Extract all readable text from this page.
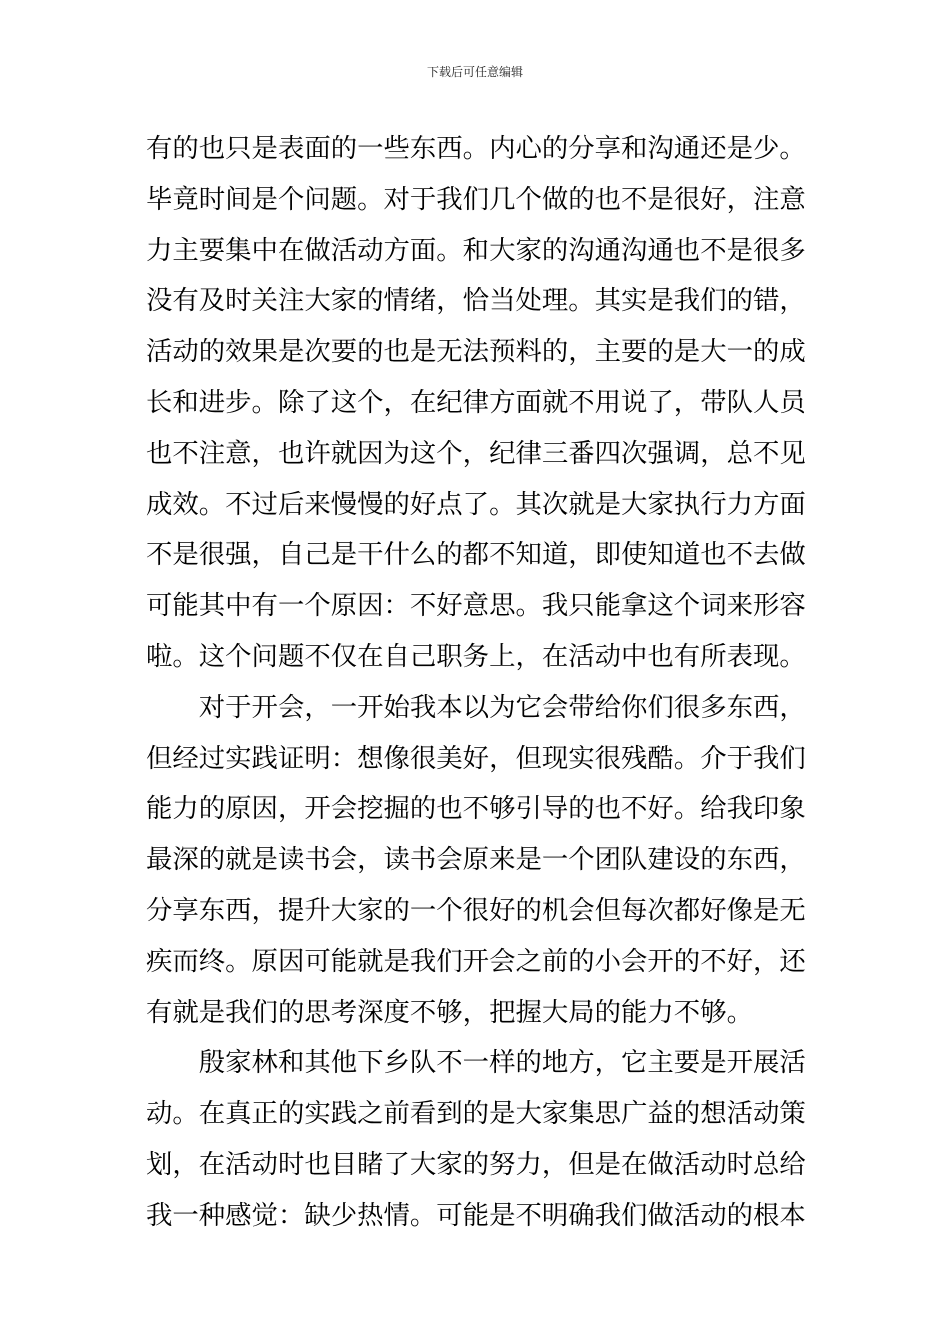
下载后可任意编辑
有的也只是表面的一些东西。内心的分享和沟通还是少。
毕竟时间是个问题。对于我们几个做的也不是很好，注意
力主要集中在做活动方面。和大家的沟通沟通也不是很多
没有及时关注大家的情绪，恰当处理。其实是我们的错，
活动的效果是次要的也是无法预料的，主要的是大一的成
长和进步。除了这个，在纪律方面就不用说了，带队人员
也不注意，也许就因为这个，纪律三番四次强调，总不见
成效。不过后来慢慢的好点了。其次就是大家执行力方面
不是很强，自己是干什么的都不知道，即使知道也不去做
可能其中有一个原因：不好意思。我只能拿这个词来形容
啦。这个问题不仅在自己职务上，在活动中也有所表现。
　　对于开会，一开始我本以为它会带给你们很多东西，
但经过实践证明：想像很美好，但现实很残酷。介于我们
能力的原因，开会挖掘的也不够引导的也不好。给我印象
最深的就是读书会，读书会原来是一个团队建设的东西，
分享东西，提升大家的一个很好的机会但每次都好像是无
疾而终。原因可能就是我们开会之前的小会开的不好，还
有就是我们的思考深度不够，把握大局的能力不够。
　　殷家林和其他下乡队不一样的地方，它主要是开展活
动。在真正的实践之前看到的是大家集思广益的想活动策
划，在活动时也目睹了大家的努力，但是在做活动时总给
我一种感觉：缺少热情。可能是不明确我们做活动的根本
